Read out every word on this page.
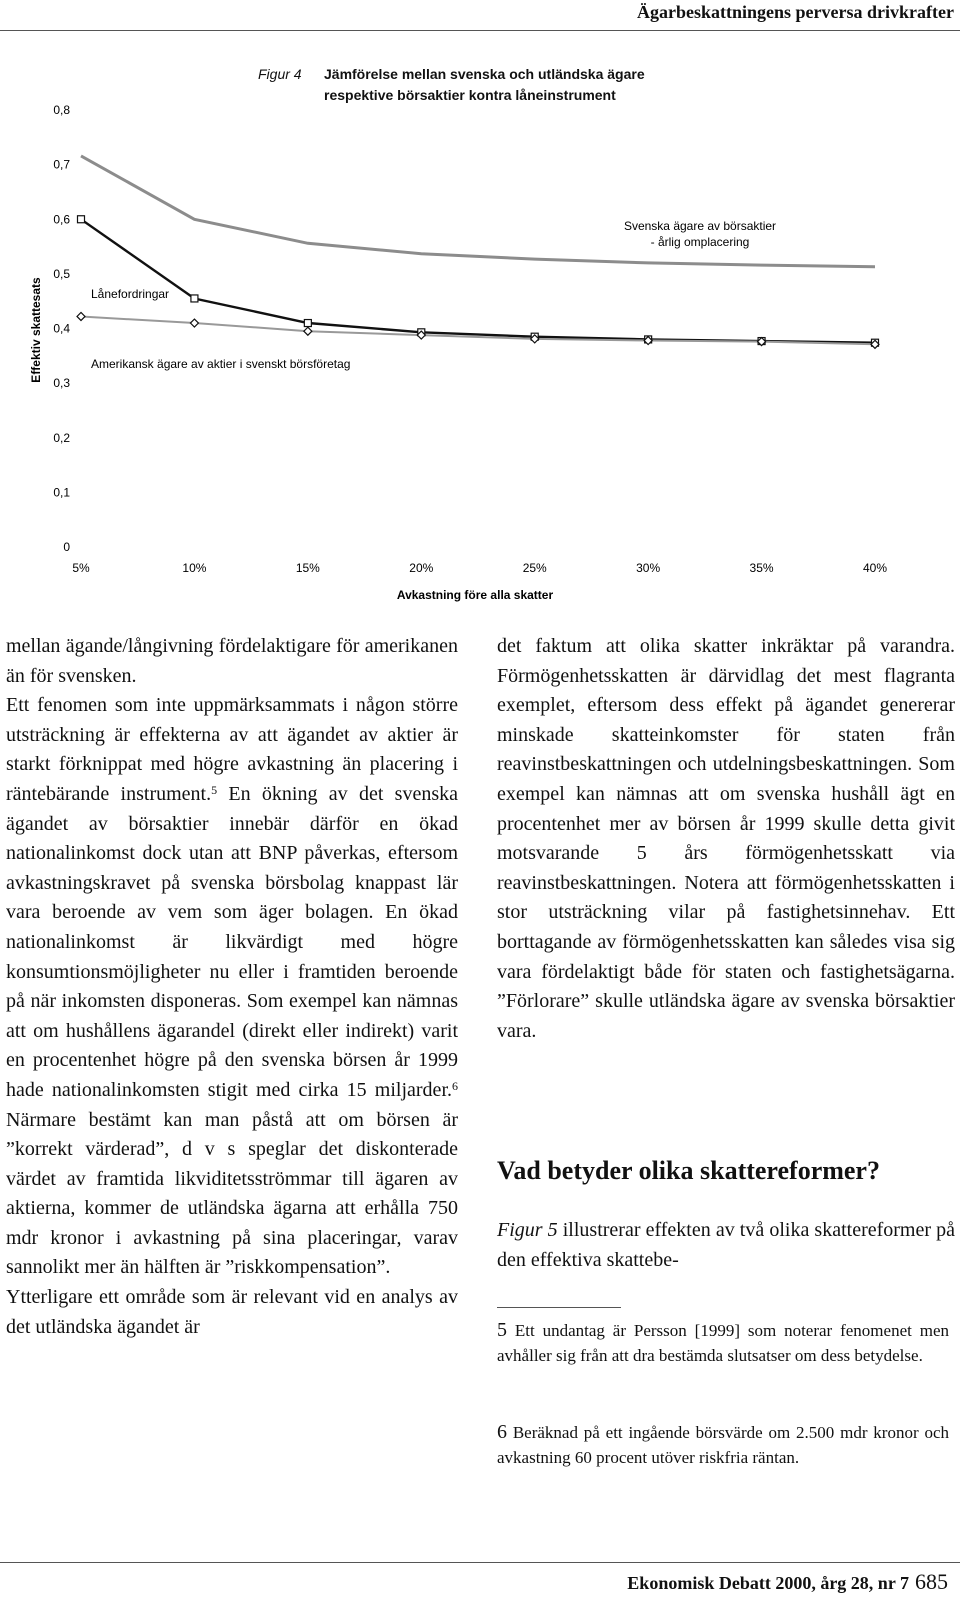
Ägarbeskattningens perversa drivkrafter
Figur 4 Jämförelse mellan svenska och utländska ägare
respektive börsaktier kontra låneinstrument
0
0,1
0,2
0,3
0,4
0,5
0,6
0,7
0,8
5%	10%	15%	20%	25%	30%	35%	40%
Effektiv skattesats
Avkastning före alla skatter
Svenska ägare av börsaktier
- årlig omplacering
Lånefordringar
Amerikansk ägare av aktier i svenskt börsföretag

mellan ägande/långivning fördelaktigare för amerikanen än för svensken.

Ett fenomen som inte uppmärksammats i någon större utsträckning är effekterna av att ägandet av aktier är starkt förknippat med högre avkastning än placering i räntebärande instrument.$^5$ En ökning av det svenska ägandet av börsaktier innebär därför en ökad nationalinkomst dock utan att BNP påverkas, eftersom avkastningskravet på svenska börsbolag knappast lär vara beroende av vem som äger bolagen. En ökad nationalinkomst är likvärdigt med högre konsumtionsmöjligheter nu eller i framtiden beroende på när inkomsten disponeras. Som exempel kan nämnas att om hushållens ägarandel (direkt eller indirekt) varit en procentenhet högre på den svenska börsen år 1999 hade nationalinkomsten stigit med cirka 15 miljarder.$^6$ Närmare bestämt kan man påstå att om börsen är ”korrekt värderad”, d v s speglar det diskonterade värdet av framtida likviditetsströmmar till ägaren av aktierna, kommer de utländska ägarna att erhålla 750 mdr kronor i avkastning på sina placeringar, varav sannolikt mer än hälften är ”riskkompensation”.

Ytterligare ett område som är relevant vid en analys av det utländska ägandet är

det faktum att olika skatter inkräktar på varandra. Förmögenhetsskatten är därvidlag det mest flagranta exemplet, eftersom dess effekt på ägandet genererar minskade skatteinkomster för staten från reavinstbeskattningen och utdelningsbeskattningen. Som exempel kan nämnas att om svenska hushåll ägt en procentenhet mer av börsen år 1999 skulle detta givit motsvarande 5 års förmögenhetsskatt via reavinstbeskattningen. Notera att förmögenhetsskatten i stor utsträckning vilar på fastighetsinnehav. Ett borttagande av förmögenhetsskatten kan således visa sig vara fördelaktigt både för staten och fastighetsägarna. ”Förlorare” skulle utländska ägare av svenska börsaktier vara.

Vad betyder olika skattereformer?
Figur 5 illustrerar effekten av två olika skattereformer på den effektiva skattebe-
5 Ett undantag är Persson [1999] som noterar fenomenet men avhåller sig från att dra bestämda slutsatser om dess betydelse.
6 Beräknad på ett ingående börsvärde om 2.500 mdr kronor och avkastning 60 procent utöver riskfria räntan.
Ekonomisk Debatt 2000, årg 28, nr 7 685
